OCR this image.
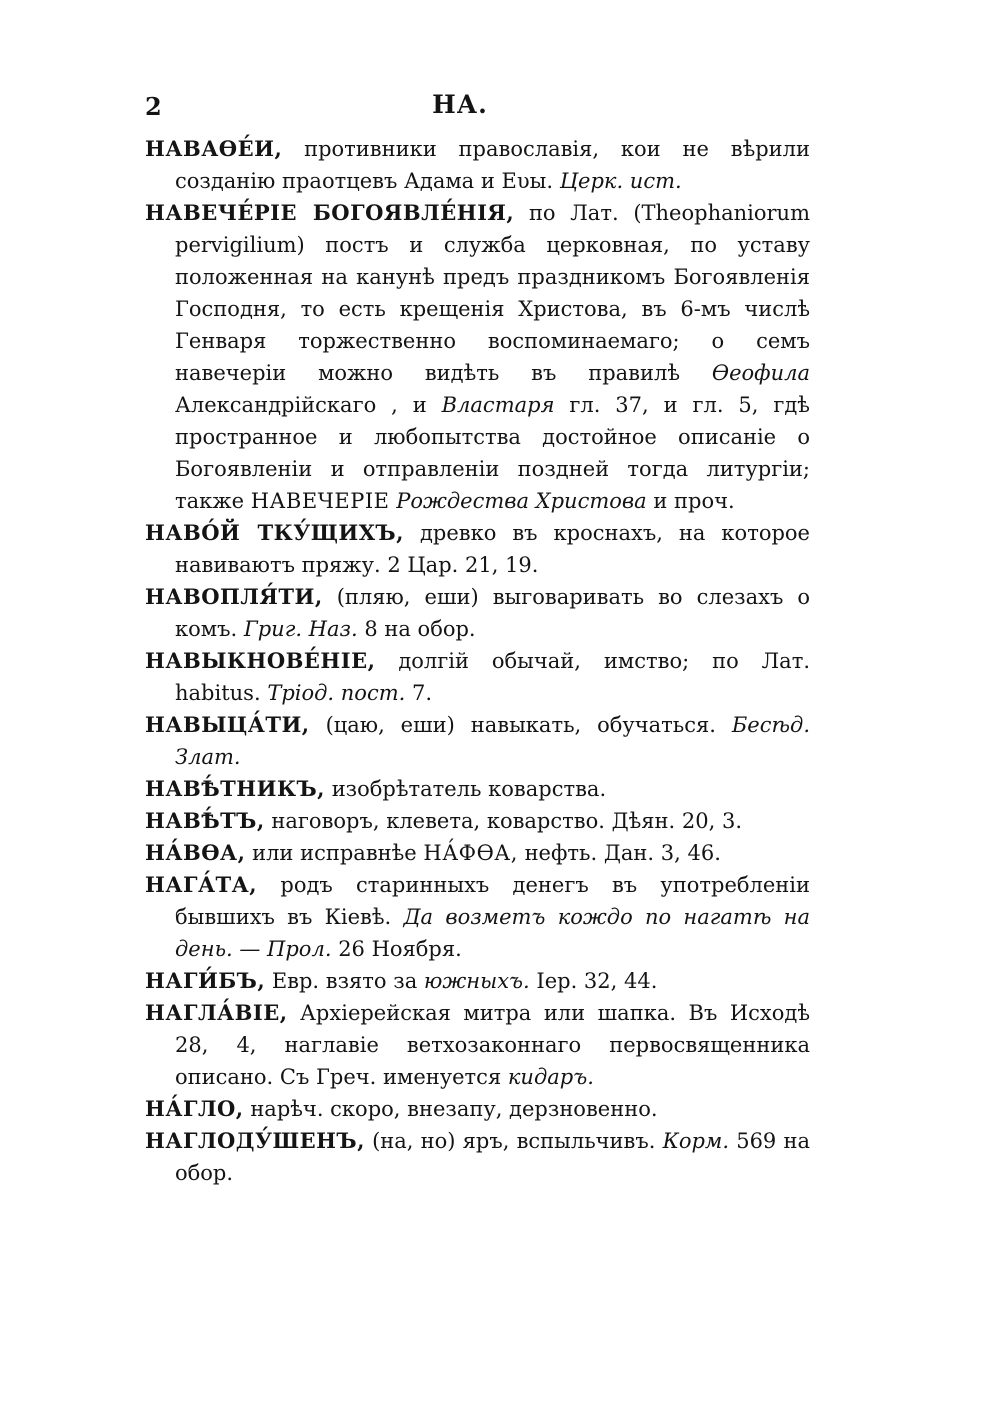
2	НА.

НАВАѲЕ́И, противники православія, кои не вѣрили созданію праотцевъ Адама и Еυы. Церк. ист.

НАВЕЧЕ́РІЕ БОГОЯВЛЕ́НІЯ, по Лат. (Theophaniorum pervigilium) постъ и служба церковная, по уставу положенная на канунѣ предъ праздникомъ Богоявленія Господня, то есть крещенія Христова, въ 6-мъ числѣ Генваря торжественно воспоминаемаго; о семъ навечеріи можно видѣть въ правилѣ Ѳеофила Александрійскаго , и Властаря гл. 37, и гл. 5, гдѣ пространное и любопытства достойное описаніе о Богоявленіи и отправленіи поздней тогда литургіи; также НАВЕЧЕРІЕ Рождества Христова и проч.

НАВО́Й ТКУ́ЩИХЪ, древко въ кроснахъ, на которое навиваютъ пряжу. 2 Цар. 21, 19.

НАВОПЛЯ́ТИ, (пляю, еши) выговаривать во слезахъ о комъ. Григ. Наз. 8 на обор.

НАВЫКНОВЕ́НІЕ, долгій обычай, имство; по Лат. habitus. Тріод. пост. 7.

НАВЫЦА́ТИ, (цаю, еши) навыкать, обучаться. Бесѣд. Злат.

НАВѢ́ТНИКЪ, изобрѣтатель коварства.

НАВѢ́ТЪ, наговоръ, клевета, коварство. Дѣян. 20, 3.

НА́ВѲА, или исправнѣе НА́ФѲА, нефть. Дан. 3, 46.

НАГА́ТА, родъ старинныхъ денегъ въ употребленіи бывшихъ въ Кіевѣ. Да возметъ кождо по нагатѣ на день. — Прол. 26 Ноября.

НАГИ́БЪ, Евр. взято за южныхъ. Іер. 32, 44.

НАГЛА́ВІЕ, Архіерейская митра или шапка. Въ Исходѣ 28, 4, наглавіе ветхозаконнаго первосвященника описано. Съ Греч. именуется кидаръ.

НА́ГЛО, нарѣч. скоро, внезапу, дерзновенно.

НАГЛОДУ́ШЕНЪ, (на, но) яръ, вспыльчивъ. Корм. 569 на обор.
